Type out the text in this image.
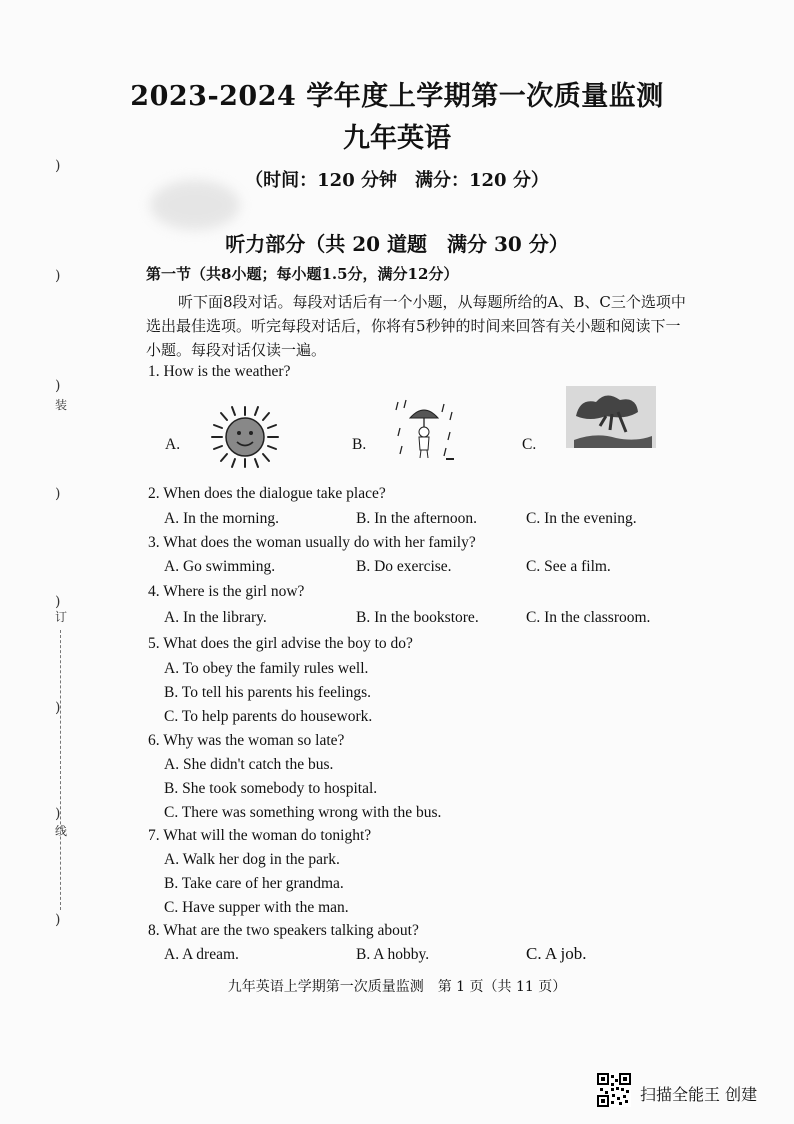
)
)
)
装
)
)
订
)
)
线
)
2023-2024 学年度上学期第一次质量监测
九年英语
（时间：120 分钟　满分：120 分）
听力部分（共 20 道题　满分 30 分）
第一节（共8小题；每小题1.5分，满分12分）
听下面8段对话。每段对话后有一个小题，从每题所给的A、B、C三个选项中选出最佳选项。听完每段对话后，你将有5秒钟的时间来回答有关小题和阅读下一小题。每段对话仅读一遍。
1. How is the weather?
A.	B.	C.
2. When does the dialogue take place?
A. In the morning.	B. In the afternoon.	C. In the evening.
3. What does the woman usually do with her family?
A. Go swimming.	B. Do exercise.	C. See a film.
4. Where is the girl now?
A. In the library.	B. In the bookstore.	C. In the classroom.
5. What does the girl advise the boy to do?
A. To obey the family rules well.
B. To tell his parents his feelings.
C. To help parents do housework.
6. Why was the woman so late?
A. She didn't catch the bus.
B. She took somebody to hospital.
C. There was something wrong with the bus.
7. What will the woman do tonight?
A. Walk her dog in the park.
B. Take care of her grandma.
C. Have supper with the man.
8. What are the two speakers talking about?
A. A dream.	B. A hobby.	C. A job.
九年英语上学期第一次质量监测　第 1 页（共 11 页）
扫描全能王 创建
